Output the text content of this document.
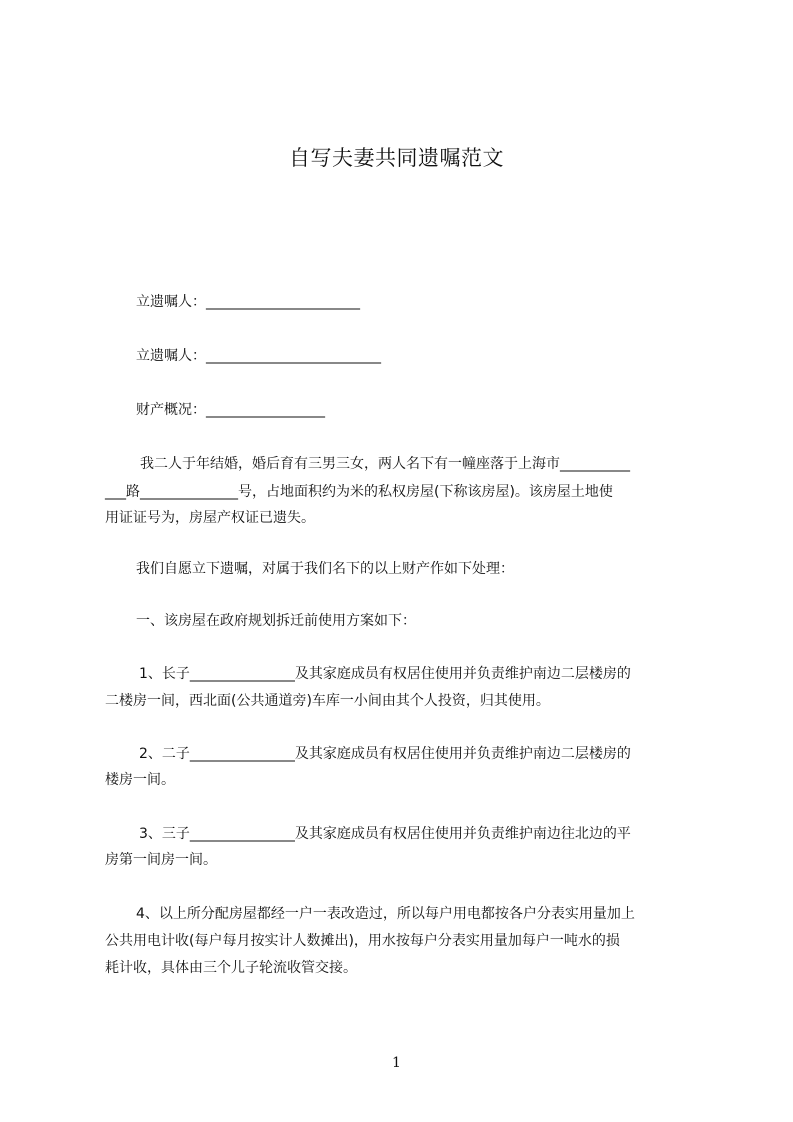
自写夫妻共同遗嘱范文
立遗嘱人：______________________
立遗嘱人：_________________________
财产概况：_________________
我二人于年结婚，婚后育有三男三女，两人名下有一幢座落于上海市__________
___路______________号，占地面积约为米的私权房屋(下称该房屋)。该房屋土地使
用证证号为，房屋产权证已遗失。
我们自愿立下遗嘱，对属于我们名下的以上财产作如下处理：
一、该房屋在政府规划拆迁前使用方案如下：
1、长子_______________及其家庭成员有权居住使用并负责维护南边二层楼房的
二楼房一间，西北面(公共通道旁)车库一小间由其个人投资，归其使用。
2、二子_______________及其家庭成员有权居住使用并负责维护南边二层楼房的
楼房一间。
3、三子_______________及其家庭成员有权居住使用并负责维护南边往北边的平
房第一间房一间。
4、以上所分配房屋都经一户一表改造过，所以每户用电都按各户分表实用量加上
公共用电计收(每户每月按实计人数摊出)，用水按每户分表实用量加每户一吨水的损
耗计收，具体由三个儿子轮流收管交接。
1
